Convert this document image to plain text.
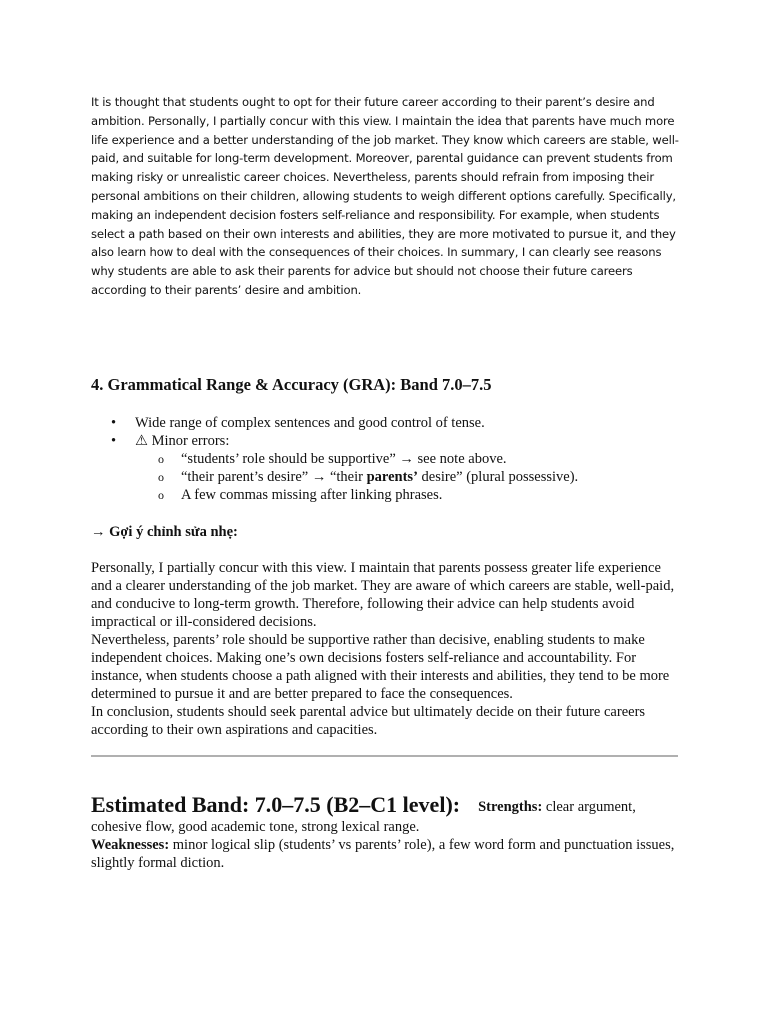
It is thought that students ought to opt for their future career according to their parent’s desire and ambition. Personally, I partially concur with this view. I maintain the idea that parents have much more life experience and a better understanding of the job market. They know which careers are stable, well-paid, and suitable for long-term development. Moreover, parental guidance can prevent students from making risky or unrealistic career choices. Nevertheless, parents should refrain from imposing their personal ambitions on their children, allowing students to weigh different options carefully. Specifically, making an independent decision fosters self-reliance and responsibility. For example, when students select a path based on their own interests and abilities, they are more motivated to pursue it, and they also learn how to deal with the consequences of their choices. In summary, I can clearly see reasons why students are able to ask their parents for advice but should not choose their future careers according to their parents’ desire and ambition.
4. Grammatical Range & Accuracy (GRA): Band 7.0–7.5
• Wide range of complex sentences and good control of tense.
• ⚠ Minor errors:
o “students’ role should be supportive” → see note above.
o “their parent’s desire” → “their parents’ desire” (plural possessive).
o A few commas missing after linking phrases.
→ Gợi ý chỉnh sửa nhẹ:

Personally, I partially concur with this view. I maintain that parents possess greater life experience and a clearer understanding of the job market. They are aware of which careers are stable, well-paid, and conducive to long-term growth. Therefore, following their advice can help students avoid impractical or ill-considered decisions.

Nevertheless, parents’ role should be supportive rather than decisive, enabling students to make independent choices. Making one’s own decisions fosters self-reliance and accountability. For instance, when students choose a path aligned with their interests and abilities, they tend to be more determined to pursue it and are better prepared to face the consequences.

In conclusion, students should seek parental advice but ultimately decide on their future careers according to their own aspirations and capacities.

Estimated Band: 7.0–7.5 (B2–C1 level): Strengths: clear argument,
cohesive flow, good academic tone, strong lexical range.
Weaknesses: minor logical slip (students’ vs parents’ role), a few word form and punctuation issues, slightly formal diction.
